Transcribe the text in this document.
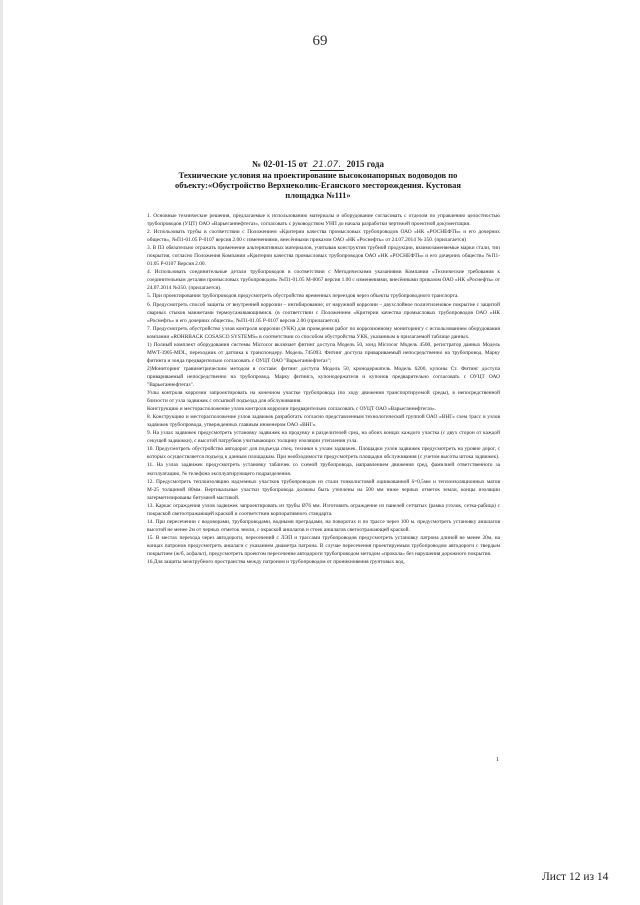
69
№ 02-01-15 от 21.07. 2015 года
Технические условия на проектирование высоконапорных водоводов по
объекту:«Обустройство Верхнеколик-Еганского месторождения. Кустовая
площадка №111»

1. Основные технические решения, предлагаемые к использованию материалы и оборудование согласовать с отделом по управлению целостностью трубопроводов (УЦТ) ОАО «Варьеганнефтегаз», согласовать с руководством УНП до начала разработки чертежей проектной документации.

2. Использовать трубы в соответствии с Положением «Критерии качества промысловых трубопроводов ОАО «НК «РОСНЕФТЬ» и его дочерних обществ», №П1-01.05 Р-0107 версия 2.00 с изменениями, внесёнными приказом ОАО «НК «Роснефть» от 24.07.2014 № 350. (прилагается)

3. В ПЗ обязательно отражать применение альтернативных материалов, учитывая конструктив трубной продукции, взаимозаменяемые марки стали, тип покрытия, согласно Положения Компании «Критерии качества промысловых трубопроводов ОАО «НК «РОСНЕФТЬ» и его дочерних обществ» №П1-01.05 Р-0107 Версия 2.00.

4. Использовать соединительные детали трубопроводов в соответствии с Методическими указаниями Компании «Технические требования к соединительным деталям промысловых трубопроводов» №П1-01.05 М-0067 версия 1.00 с изменениями, внесёнными приказом ОАО «НК «Роснефть» от 24.07.2014 №350. (прилагается).

5. При проектировании трубопроводов предусмотреть обустройство временных переездов через объекты трубопроводного транспорта.

6. Предусмотреть способ защиты от внутренней коррозии – ингибирование; от наружной коррозии – двухслойное полиэтиленовое покрытие с защитой сварных стыков манжетами термоусаживающимися. (в соответствии с Положением «Критерии качества промысловых трубопроводов ОАО «НК «Роснефть» и его дочерних обществ», №П1-01.05 Р-0107 версия 2.00 (прилагается).

7. Предусмотреть обустройство узлов контроля коррозии (УКК) для проведения работ по коррозионному мониторингу с использованием оборудования компании «ROHRBACK COSASCO SYSTEMS» в соответствии со способом обустройства УКК, указанным в прилагаемой таблице данных.

1) Полный комплект оборудования системы Microcor включает фитинг доступа Модель 50, зонд Microcor Модель 4500, регистратор данных Модель MWT-3905-MDL, переходник от датчика к транспондеру. Модель 745093. Фитинг доступа привариваемый непосредственно на трубопровод. Марку фитинга и зонда предварительно согласовать с ОУЦТ ОАО "Варьеганнефтегаз";

2)Мониторинг гравиметрическим методом в составе: фитинг доступа Модель 50, кронодержатель Модель 6200, купоны Ст. Фитинг доступа привариваемый непосредственно на трубопровод. Марку фитинга, купонодержателя и купонов предварительно согласовать с ОУЦТ ОАО "Варьеганнефтегаз".

Узлы контроля коррозии запроектировать на конечном участке трубопровода (по ходу движения транспортируемой среды), в непосредственной близости от узла задвижек с отсыпкой подъезда для обслуживания.

Конструкцию и месторасположение узлов контроля коррозии предварительно согласовать с ОУЦТ ОАО «Варьеганнефтегаз».

8. Конструкцию и месторасположение узлов задвижек разработать согласно представленным технологической группой ОАО «ВНГ» схем трасс и узлов задвижек трубопровода, утвержденных главным инженером ОАО «ВНГ».

9. На узлах задвижек предусмотреть установку задвижек на продувку и разделителей сред, на обоих концах каждого участка (с двух сторон от каждой секущей задвижки), с высотой патрубков учитывающих толщину изоляции утепления узла.

10. Предусмотреть обустройство автодорог для подъезда спец. техники к узлам задвижек. Площадки узлов задвижек предусмотреть на уровне дорог, с которых осуществляется подъезд к данным площадкам. При необходимости предусмотреть площадки обслуживания (с учетом высоты штока задвижек).

11. На узлах задвижек предусмотреть установку табличек со схемой трубопровода, направлением движения сред, фамилией ответственного за эксплуатацию, № телефона эксплуатирующего подразделения.

12. Предусмотреть теплоизоляцию надземных участков трубопроводов из стали тонколистовой оцинкованной δ=0,5мм и теплоизоляционных матов М-25 толщиной 80мм. Вертикальные участки трубопровода должны быть утеплены на 500 мм ниже черных отметок земли, концы изоляции загерметизированы битумной мастикой.

13. Каркас ограждения узлов задвижек запроектировать из трубы Ø76 мм. Изготовить ограждение из панелей сетчатых (рамка уголок, сетка-рабица) с покраской светоотражающей краской и соответствии корпоративного стандарта.

14. При пересечении с водоворами, трубопроводами, водными преградами, на поворотах и по трассе через 100 м. предусмотреть установку аншлагов высотой не менее 2м от черных отметок земли, с окраской аншлагов и стоек аншлагов светоотражающей краской.

15. В местах перехода через автодороги, пересечений с ЛЭП и трассами трубопроводов предусмотреть установку патрона длиной не менее 20м, на концах патронов предусмотреть аншлаги с указанием диаметра патрона. В случае пересечения проектируемым трубопроводом автодороги с твердым покрытием (ж/б, асфальт), предусмотреть проектом пересечение автодороги трубопроводом методом «прокола» без нарушения дорожного покрытия.

16.Для защиты межтрубного пространства между патроном и трубопроводом от проникновения грунтовых вод,

1
Лист 12 из 14
